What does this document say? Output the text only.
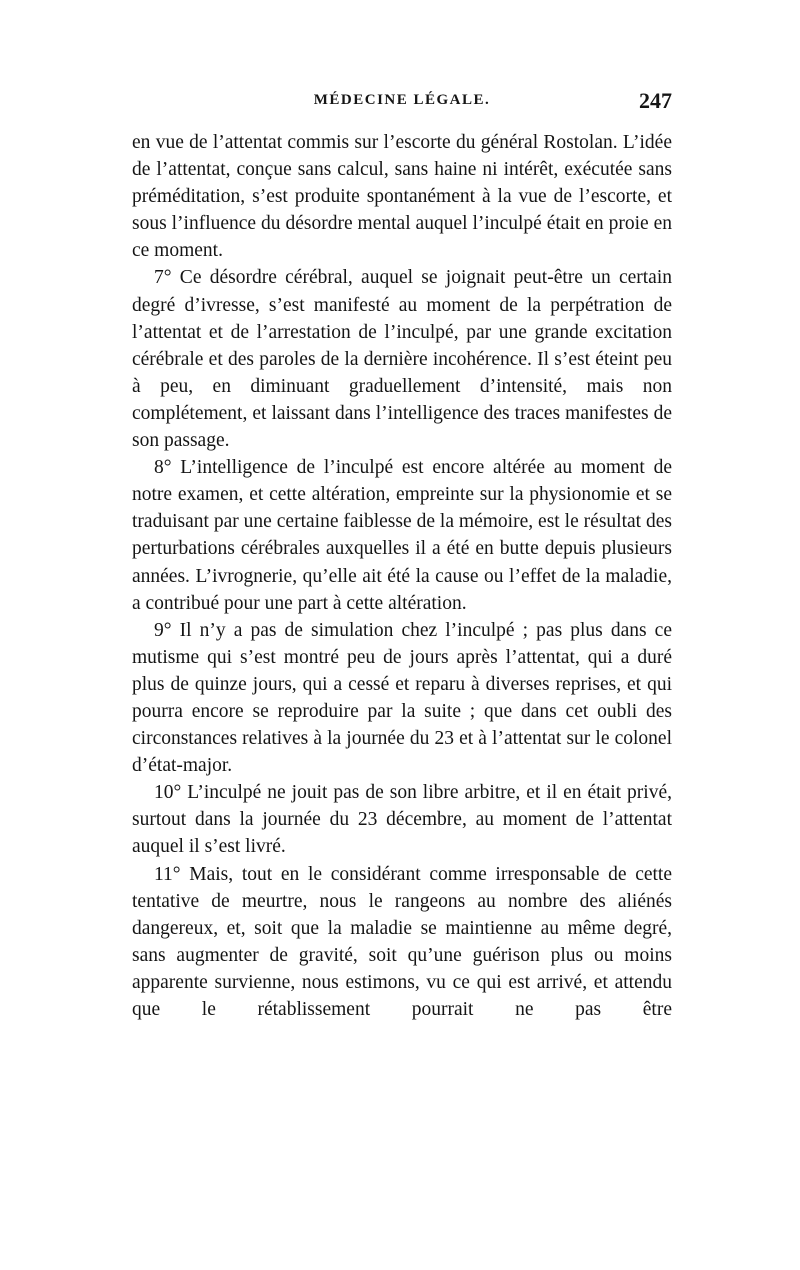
MÉDECINE LÉGALE.	247

en vue de l’attentat commis sur l’escorte du général Rostolan. L’idée de l’attentat, conçue sans calcul, sans haine ni intérêt, exécutée sans préméditation, s’est produite spontanément à la vue de l’escorte, et sous l’influence du désordre mental auquel l’inculpé était en proie en ce moment.

7° Ce désordre cérébral, auquel se joignait peut-être un certain degré d’ivresse, s’est manifesté au moment de la perpétration de l’attentat et de l’arrestation de l’inculpé, par une grande excitation cérébrale et des paroles de la dernière incohérence. Il s’est éteint peu à peu, en diminuant graduellement d’intensité, mais non complétement, et laissant dans l’intelligence des traces manifestes de son passage.

8° L’intelligence de l’inculpé est encore altérée au moment de notre examen, et cette altération, empreinte sur la physionomie et se traduisant par une certaine faiblesse de la mémoire, est le résultat des perturbations cérébrales auxquelles il a été en butte depuis plusieurs années. L’ivrognerie, qu’elle ait été la cause ou l’effet de la maladie, a contribué pour une part à cette altération.

9° Il n’y a pas de simulation chez l’inculpé ; pas plus dans ce mutisme qui s’est montré peu de jours après l’attentat, qui a duré plus de quinze jours, qui a cessé et reparu à diverses reprises, et qui pourra encore se reproduire par la suite ; que dans cet oubli des circonstances relatives à la journée du 23 et à l’attentat sur le colonel d’état-major.

10° L’inculpé ne jouit pas de son libre arbitre, et il en était privé, surtout dans la journée du 23 décembre, au moment de l’attentat auquel il s’est livré.

11° Mais, tout en le considérant comme irresponsable de cette tentative de meurtre, nous le rangeons au nombre des aliénés dangereux, et, soit que la maladie se maintienne au même degré, sans augmenter de gravité, soit qu’une guérison plus ou moins apparente survienne, nous estimons, vu ce qui est arrivé, et attendu que le rétablissement pourrait ne pas être
